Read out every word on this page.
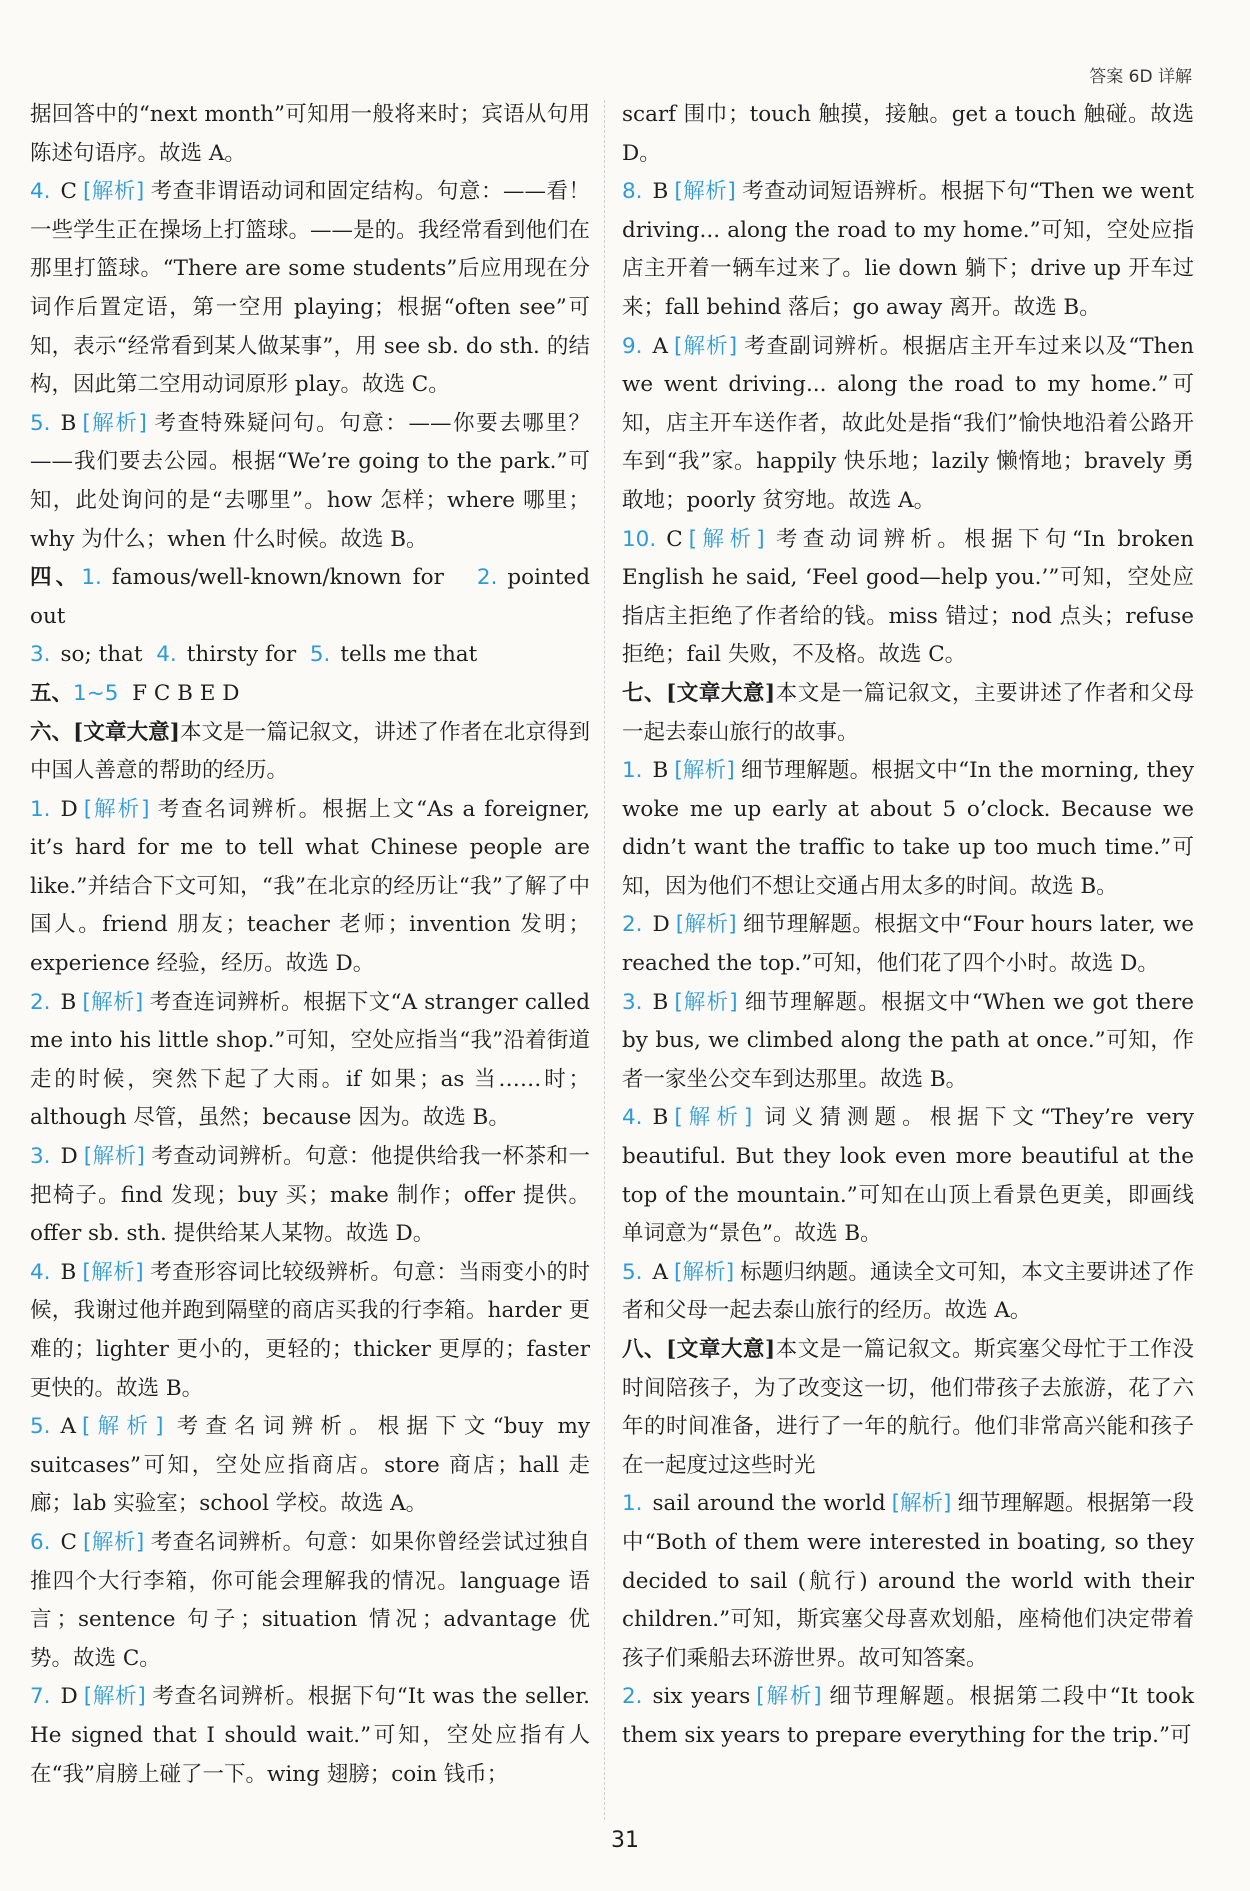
答案 6D 详解

据回答中的“next month”可知用一般将来时；宾语从句用陈述句语序。故选 A。

4. C [ 解析 ] 考查非谓语动词和固定结构。句意：——看！一些学生正在操场上打篮球。——是的。我经常看到他们在那里打篮球。“There are some students”后应用现在分词作后置定语，第一空用 playing；根据“often see”可知，表示“经常看到某人做某事”，用 see sb. do sth. 的结构，因此第二空用动词原形 play。故选 C。

5. B [ 解析 ] 考查特殊疑问句。句意：——你要去哪里？——我们要去公园。根据“We’re going to the park.”可知，此处询问的是“去哪里”。how 怎样；where 哪里；why 为什么；when 什么时候。故选 B。

四、1. famous/well-known/known for 2. pointed out
3. so; that 4. thirsty for 5. tells me that

五、1~5 F C B E D

六、[文章大意]本文是一篇记叙文，讲述了作者在北京得到中国人善意的帮助的经历。

1. D [ 解析 ] 考查名词辨析。根据上文“As a foreigner, it’s hard for me to tell what Chinese people are like.”并结合下文可知，“我”在北京的经历让“我”了解了中国人。friend 朋友；teacher 老师；invention 发明；experience 经验，经历。故选 D。

2. B [ 解析 ] 考查连词辨析。根据下文“A stranger called me into his little shop.”可知，空处应指当“我”沿着街道走的时候，突然下起了大雨。if 如果；as 当……时；although 尽管，虽然；because 因为。故选 B。

3. D [ 解析 ] 考查动词辨析。句意：他提供给我一杯茶和一把椅子。find 发现；buy 买；make 制作；offer 提供。offer sb. sth. 提供给某人某物。故选 D。

4. B [ 解析 ] 考查形容词比较级辨析。句意：当雨变小的时候，我谢过他并跑到隔壁的商店买我的行李箱。harder 更难的；lighter 更小的，更轻的；thicker 更厚的；faster 更快的。故选 B。

5. A [ 解析 ] 考查名词辨析。根据下文“buy my suitcases”可知，空处应指商店。store 商店；hall 走廊；lab 实验室；school 学校。故选 A。

6. C [ 解析 ] 考查名词辨析。句意：如果你曾经尝试过独自推四个大行李箱，你可能会理解我的情况。language 语言；sentence 句子；situation 情况；advantage 优势。故选 C。

7. D [ 解析 ] 考查名词辨析。根据下句“It was the seller. He signed that I should wait.”可知，空处应指有人在“我”肩膀上碰了一下。wing 翅膀；coin 钱币；

scarf 围巾；touch 触摸，接触。get a touch 触碰。故选 D。

8. B [ 解析 ] 考查动词短语辨析。根据下句“Then we went driving... along the road to my home.”可知，空处应指店主开着一辆车过来了。lie down 躺下；drive up 开车过来；fall behind 落后；go away 离开。故选 B。

9. A [ 解析 ] 考查副词辨析。根据店主开车过来以及“Then we went driving... along the road to my home.”可知，店主开车送作者，故此处是指“我们”愉快地沿着公路开车到“我”家。happily 快乐地；lazily 懒惰地；bravely 勇敢地；poorly 贫穷地。故选 A。

10. C [ 解析 ] 考查动词辨析。根据下句“In broken English he said, ‘Feel good—help you.’”可知，空处应指店主拒绝了作者给的钱。miss 错过；nod 点头；refuse 拒绝；fail 失败，不及格。故选 C。

七、[文章大意]本文是一篇记叙文，主要讲述了作者和父母一起去泰山旅行的故事。

1. B [ 解析 ] 细节理解题。根据文中“In the morning, they woke me up early at about 5 o’clock. Because we didn’t want the traffic to take up too much time.”可知，因为他们不想让交通占用太多的时间。故选 B。

2. D [ 解析 ] 细节理解题。根据文中“Four hours later, we reached the top.”可知，他们花了四个小时。故选 D。

3. B [ 解析 ] 细节理解题。根据文中“When we got there by bus, we climbed along the path at once.”可知，作者一家坐公交车到达那里。故选 B。

4. B [ 解析 ] 词义猜测题。根据下文“They’re very beautiful. But they look even more beautiful at the top of the mountain.”可知在山顶上看景色更美，即画线单词意为“景色”。故选 B。

5. A [ 解析 ] 标题归纳题。通读全文可知，本文主要讲述了作者和父母一起去泰山旅行的经历。故选 A。

八、[文章大意]本文是一篇记叙文。斯宾塞父母忙于工作没时间陪孩子，为了改变这一切，他们带孩子去旅游，花了六年的时间准备，进行了一年的航行。他们非常高兴能和孩子在一起度过这些时光

1. sail around the world [ 解析 ] 细节理解题。根据第一段中“Both of them were interested in boating, so they decided to sail (航行) around the world with their children.”可知，斯宾塞父母喜欢划船，座椅他们决定带着孩子们乘船去环游世界。故可知答案。

2. six years [ 解析 ] 细节理解题。根据第二段中“It took them six years to prepare everything for the trip.”可

31
